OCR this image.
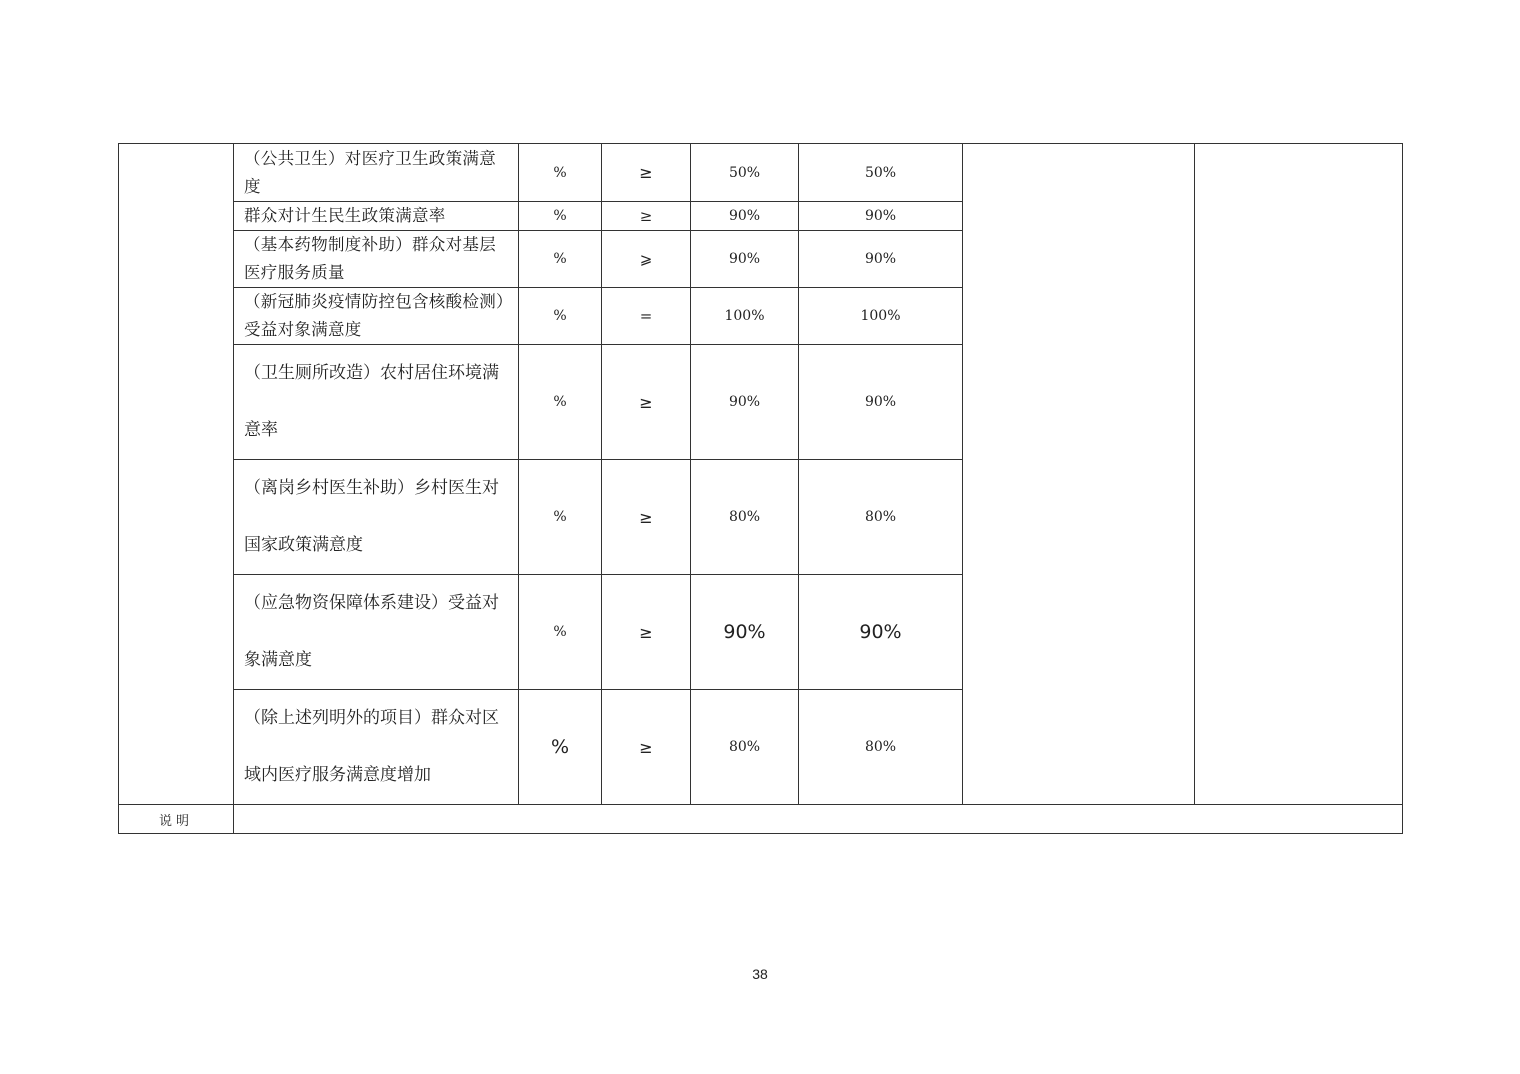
	（公共卫生）对医疗卫生政策满意度	%	≥	50%	50%		
	群众对计生民生政策满意率	%	≥	90%	90%		
	（基本药物制度补助）群众对基层医疗服务质量	%	⩾	90%	90%		
	（新冠肺炎疫情防控包含核酸检测）受益对象满意度	%	=	100%	100%		
	（卫生厕所改造）农村居住环境满意率	%	≥	90%	90%		
	（离岗乡村医生补助）乡村医生对国家政策满意度	%	≥	80%	80%		
	（应急物资保障体系建设）受益对象满意度	%	≥	90%	90%		
	（除上述列明外的项目）群众对区域内医疗服务满意度增加	%	≥	80%	80%		
说明							
38
